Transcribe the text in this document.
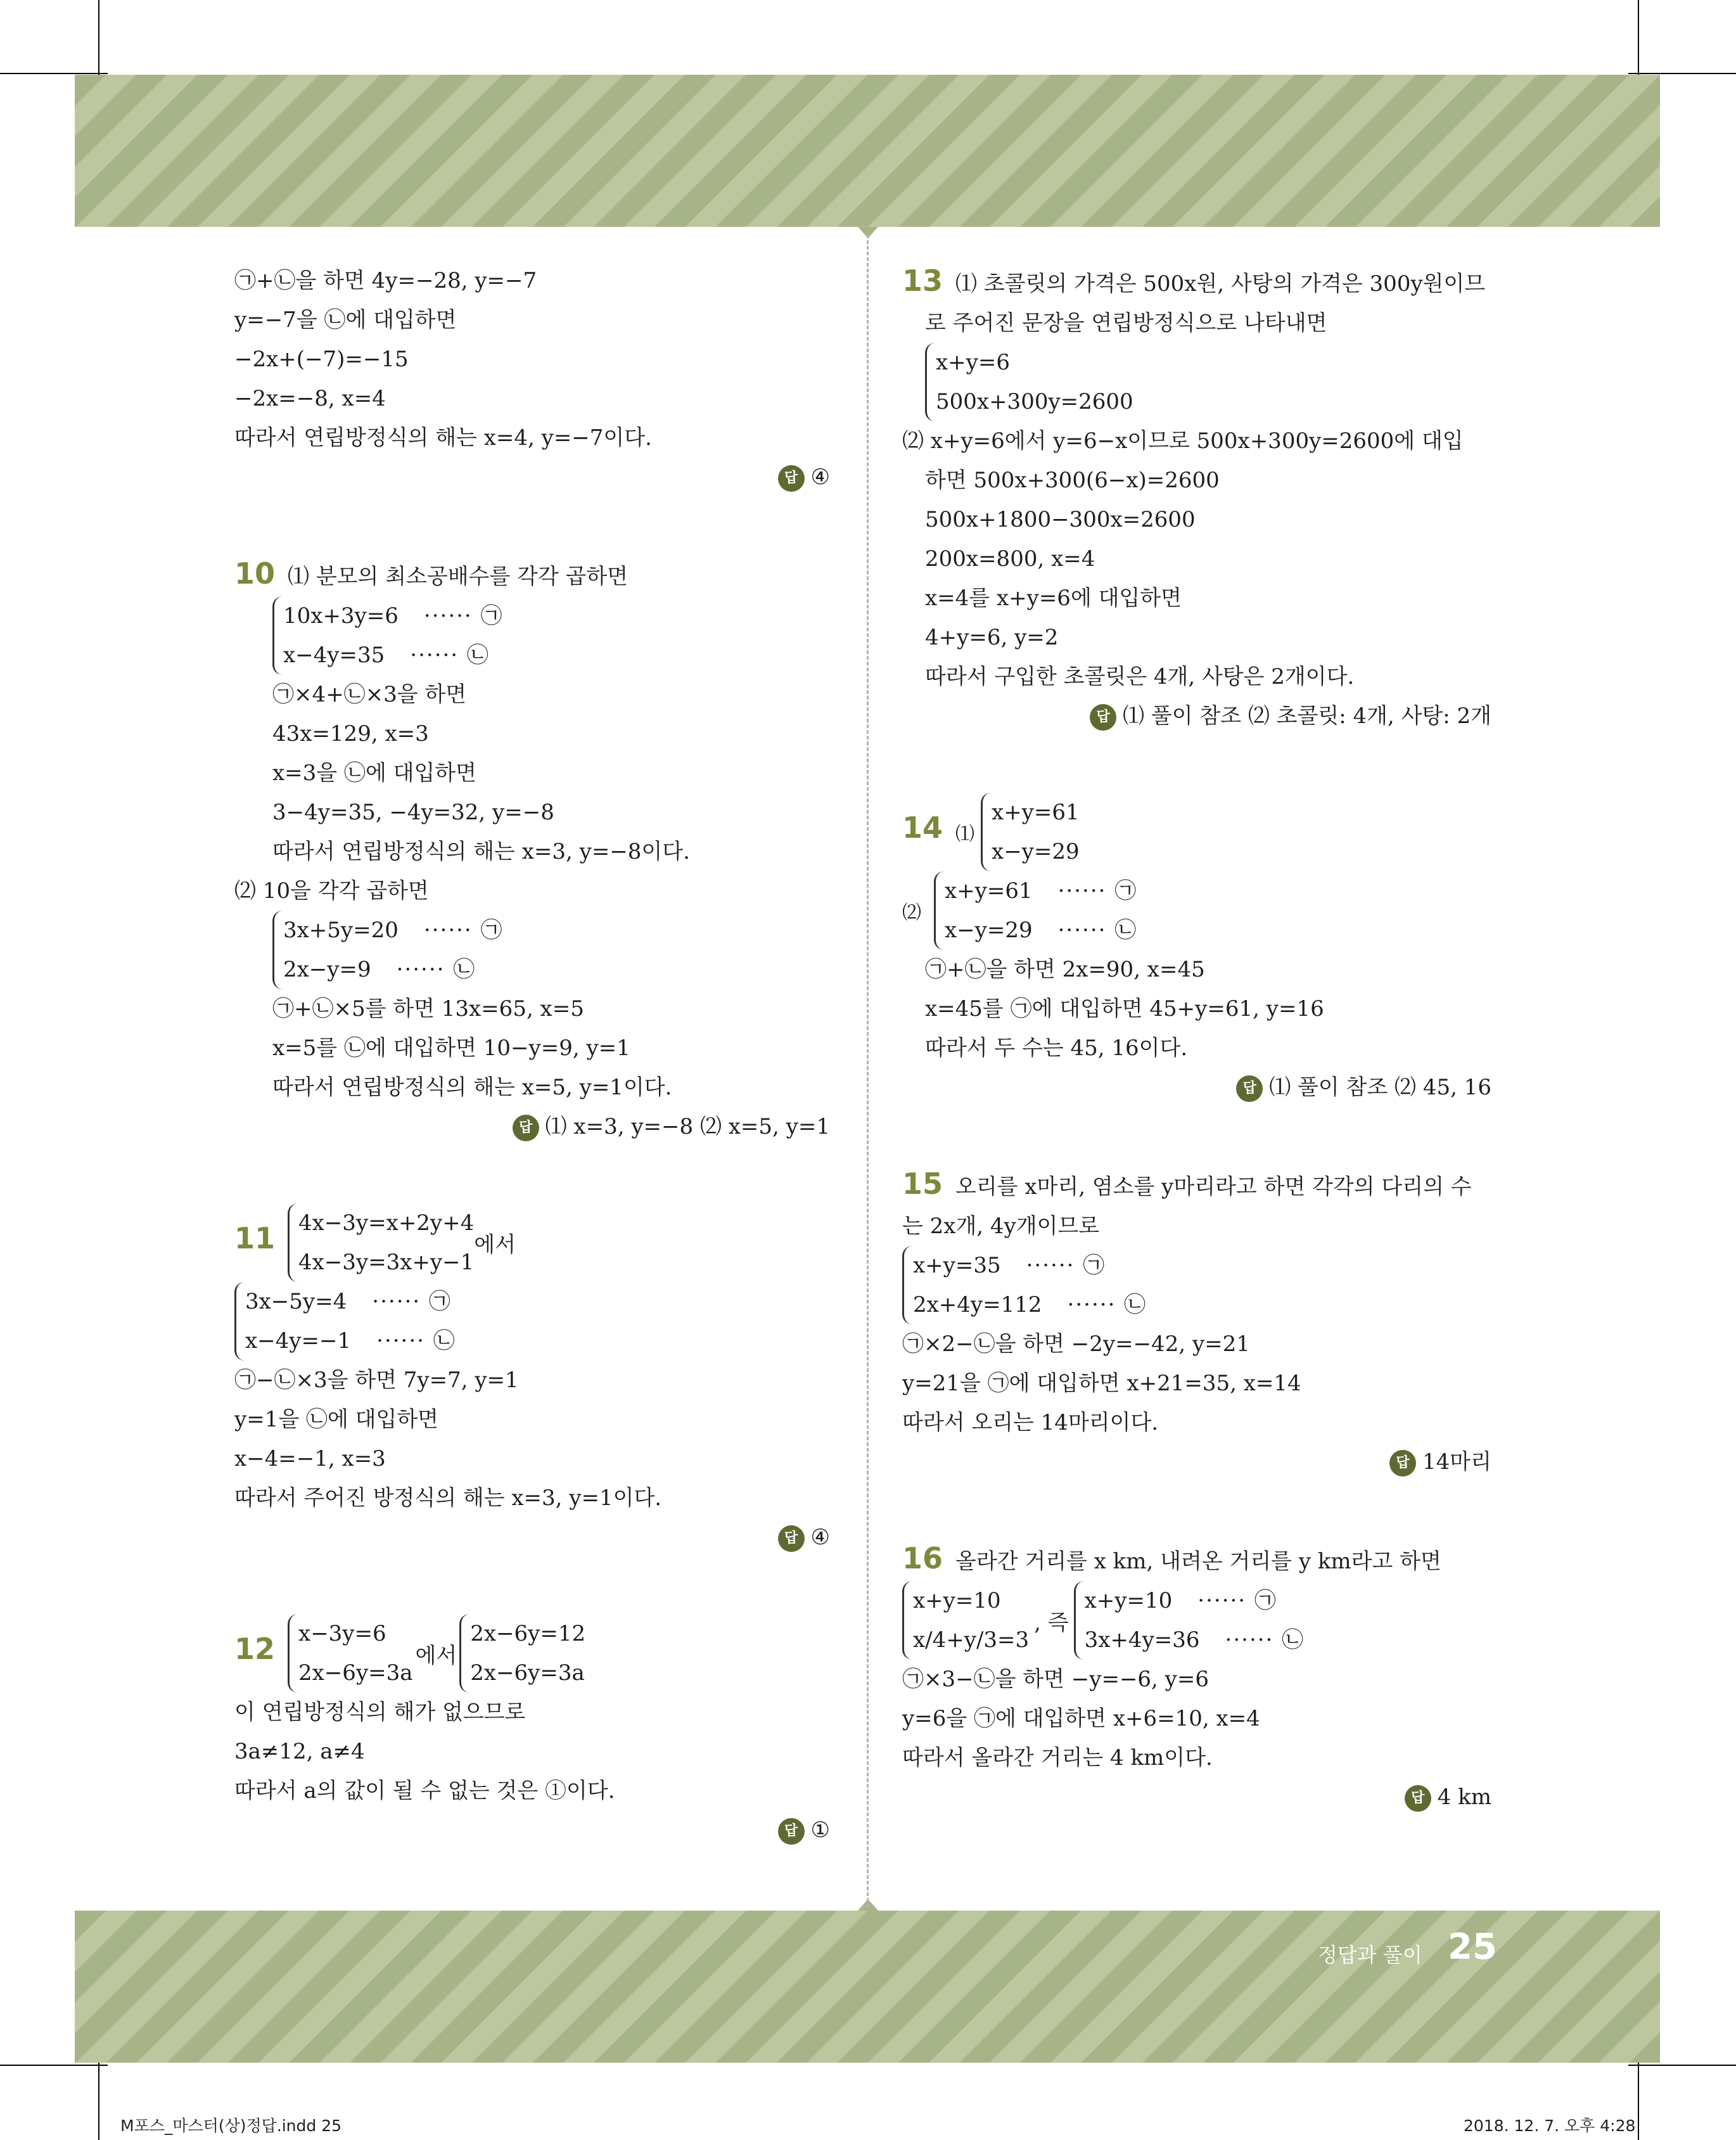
㉠+㉡을 하면 4y=−28, y=−7
y=−7을 ㉡에 대입하면
−2x+(−7)=−15
−2x=−8, x=4
따라서 연립방정식의 해는 x=4, y=−7이다.
답 ④
10 ⑴ 분모의 최소공배수를 각각 곱하면
10x+3y=6 ······ ㉠
x−4y=35 ······ ㉡
㉠×4+㉡×3을 하면
43x=129, x=3
x=3을 ㉡에 대입하면
3−4y=35, −4y=32, y=−8
따라서 연립방정식의 해는 x=3, y=−8이다.
⑵ 10을 각각 곱하면
3x+5y=20 ······ ㉠
2x−y=9 ······ ㉡
㉠+㉡×5를 하면 13x=65, x=5
x=5를 ㉡에 대입하면 10−y=9, y=1
따라서 연립방정식의 해는 x=5, y=1이다.
답 ⑴ x=3, y=−8 ⑵ x=5, y=1
11 4x−3y=x+2y+4
4x−3y=3x+y−1
에서
3x−5y=4 ······ ㉠
x−4y=−1 ······ ㉡
㉠−㉡×3을 하면 7y=7, y=1
y=1을 ㉡에 대입하면
x−4=−1, x=3
따라서 주어진 방정식의 해는 x=3, y=1이다.
답 ④
12 x−3y=6
2x−6y=3a
에서
2x−6y=12
2x−6y=3a
이 연립방정식의 해가 없으므로
3a≠12, a≠4
따라서 a의 값이 될 수 없는 것은 ①이다.
답 ①
13 ⑴ 초콜릿의 가격은 500x원, 사탕의 가격은 300y원이므
로 주어진 문장을 연립방정식으로 나타내면
x+y=6
500x+300y=2600
⑵ x+y=6에서 y=6−x이므로 500x+300y=2600에 대입
하면 500x+300(6−x)=2600
500x+1800−300x=2600
200x=800, x=4
x=4를 x+y=6에 대입하면
4+y=6, y=2
따라서 구입한 초콜릿은 4개, 사탕은 2개이다.
답 ⑴ 풀이 참조 ⑵ 초콜릿: 4개, 사탕: 2개
14 ⑴
x+y=61
x−y=29
⑵
x+y=61 ······ ㉠
x−y=29 ······ ㉡
㉠+㉡을 하면 2x=90, x=45
x=45를 ㉠에 대입하면 45+y=61, y=16
따라서 두 수는 45, 16이다.
답 ⑴ 풀이 참조 ⑵ 45, 16
15 오리를 x마리, 염소를 y마리라고 하면 각각의 다리의 수
는 2x개, 4y개이므로
x+y=35 ······ ㉠
2x+4y=112 ······ ㉡
㉠×2−㉡을 하면 −2y=−42, y=21
y=21을 ㉠에 대입하면 x+21=35, x=14
따라서 오리는 14마리이다.
답 14마리
16 올라간 거리를 x km, 내려온 거리를 y km라고 하면
x+y=10
x/4+y/3=3
, 즉
x+y=10 ······ ㉠
3x+4y=36 ······ ㉡
㉠×3−㉡을 하면 −y=−6, y=6
y=6을 ㉠에 대입하면 x+6=10, x=4
따라서 올라간 거리는 4 km이다.
답 4 km
정답과 풀이 25
M포스_마스터(상)정답.indd 25	2018. 12. 7. 오후 4:28
